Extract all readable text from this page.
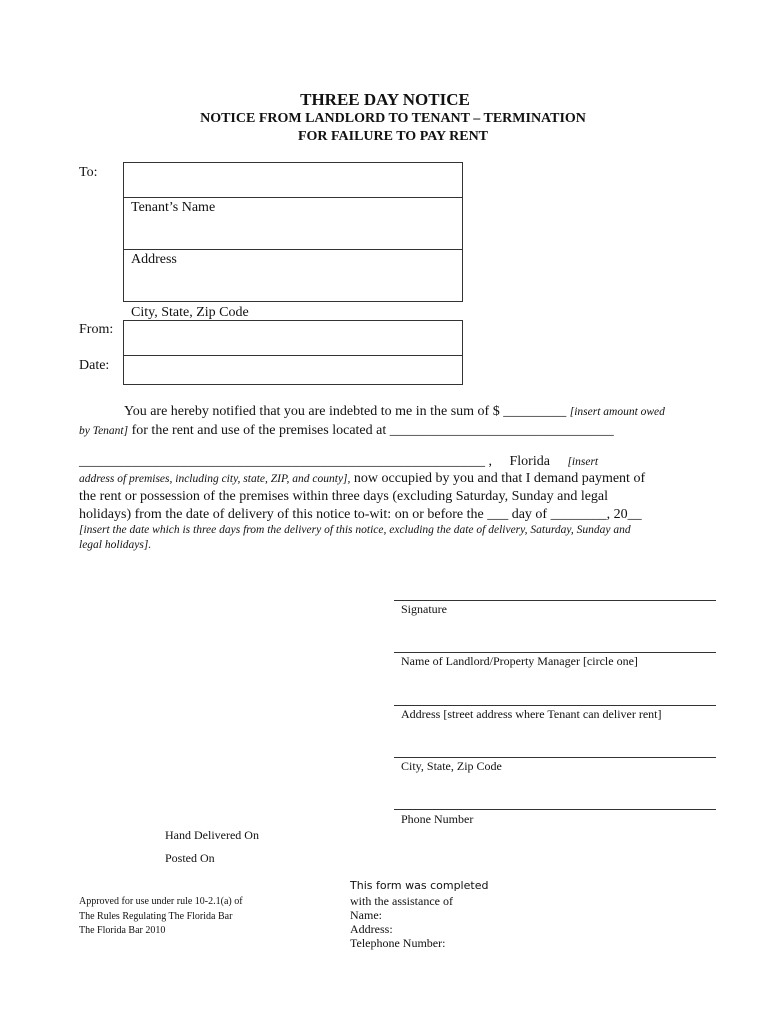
THREE DAY NOTICE
NOTICE FROM LANDLORD TO TENANT – TERMINATION
FOR FAILURE TO PAY RENT
To:
Tenant’s Name
Address
City, State, Zip Code
From:
Date:
You are hereby notified that you are indebted to me in the sum of $ _________ [insert amount owed
by Tenant] for the rent and use of the premises located at ________________________________
__________________________________________________________ , Florida [insert
address of premises, including city, state, ZIP, and county], now occupied by you and that I demand payment of
the rent or possession of the premises within three days (excluding Saturday, Sunday and legal
holidays) from the date of delivery of this notice to-wit: on or before the ___ day of ________, 20__
[insert the date which is three days from the delivery of this notice, excluding the date of delivery, Saturday, Sunday and
legal holidays].
Signature
Name of Landlord/Property Manager [circle one]
Address [street address where Tenant can deliver rent]
City, State, Zip Code
Phone Number
Hand Delivered On
Posted On
Approved for use under rule 10-2.1(a) of
The Rules Regulating The Florida Bar
The Florida Bar 2010
This form was completed
with the assistance of
Name:
Address:
Telephone Number:
